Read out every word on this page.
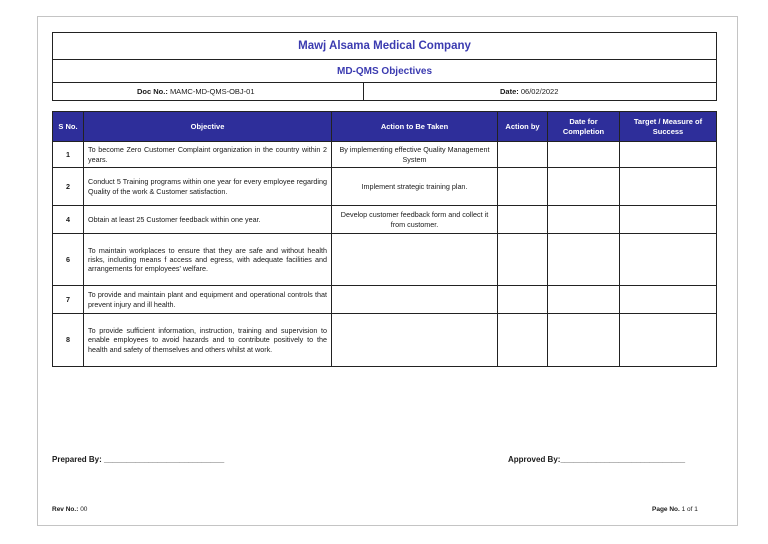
Mawj Alsama Medical Company
MD-QMS Objectives
Doc No.: MAMC-MD-QMS-OBJ-01	Date: 06/02/2022
S No.	Objective	Action to Be Taken	Action by	Date for Completion	Target / Measure of Success
1	To become Zero Customer Complaint organization in the country within 2 years.	By implementing effective Quality Management System			
2	Conduct 5 Training programs within one year for every employee regarding Quality of the work & Customer satisfaction.	Implement strategic training plan.			
4	Obtain at least 25 Customer feedback within one year.	Develop customer feedback form and collect it from customer.			
6	To maintain workplaces to ensure that they are safe and without health risks, including means f access and egress, with adequate facilities and arrangements for employees' welfare.				
7	To provide and maintain plant and equipment and operational controls that prevent injury and ill health.				
8	To provide sufficient information, instruction, training and supervision to enable employees to avoid hazards and to contribute positively to the health and safety of themselves and others whilst at work.				
Prepared By: ___________________________	Approved By:____________________________
Rev No.: 00	Page No. 1 of 1
